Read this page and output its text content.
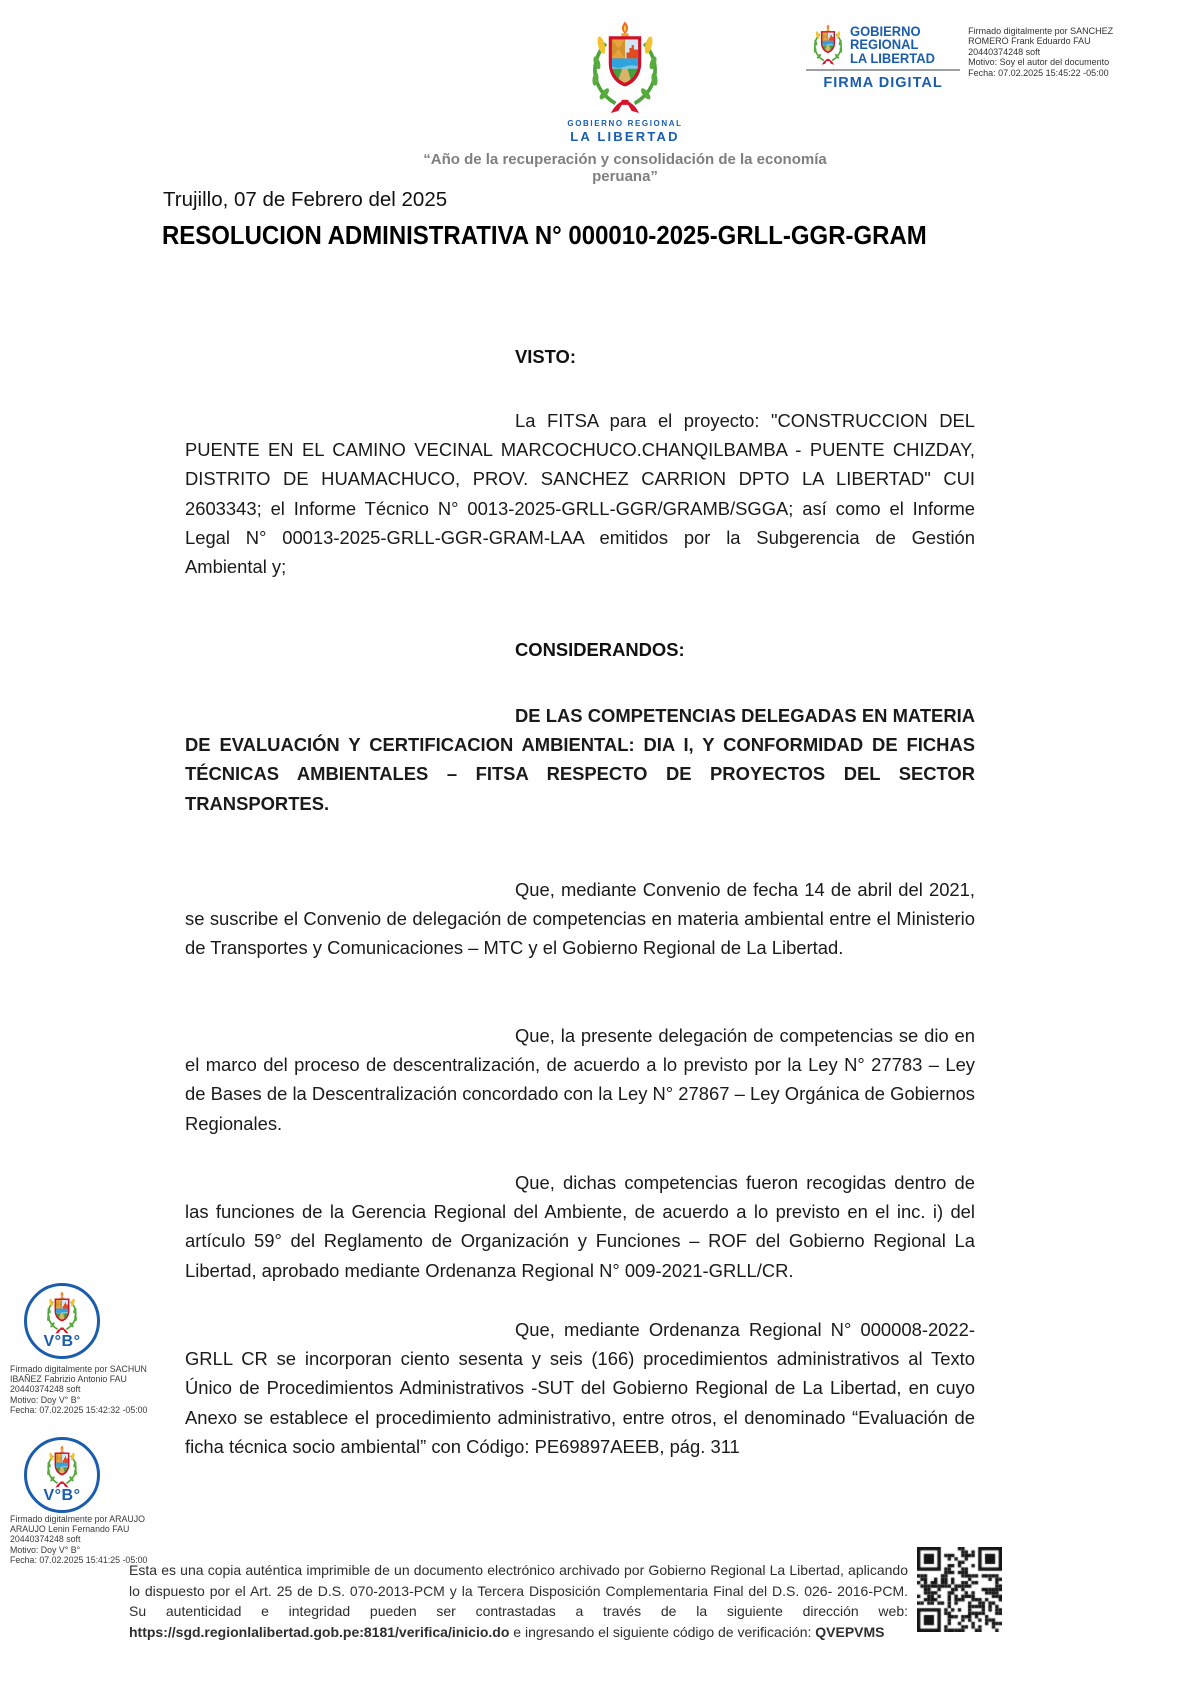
GOBIERNO REGIONAL
LA LIBERTAD
“Año de la recuperación y consolidación de la economía peruana”
GOBIERNO
REGIONAL
LA LIBERTAD
FIRMA DIGITAL
Firmado digitalmente por SANCHEZ
ROMERO Frank Eduardo FAU
20440374248 soft
Motivo: Soy el autor del documento
Fecha: 07.02.2025 15:45:22 -05:00
Trujillo, 07 de Febrero del 2025
RESOLUCION ADMINISTRATIVA N° 000010-2025-GRLL-GGR-GRAM
VISTO:
La FITSA para el proyecto: "CONSTRUCCION DEL PUENTE EN EL CAMINO VECINAL MARCOCHUCO.CHANQILBAMBA - PUENTE CHIZDAY, DISTRITO DE HUAMACHUCO, PROV. SANCHEZ CARRION DPTO LA LIBERTAD" CUI 2603343; el Informe Técnico N° 0013-2025-GRLL-GGR/GRAMB/SGGA; así como el Informe Legal N° 00013-2025-GRLL-GGR-GRAM-LAA emitidos por la Subgerencia de Gestión Ambiental y;
CONSIDERANDOS:
DE LAS COMPETENCIAS DELEGADAS EN MATERIA DE EVALUACIÓN Y CERTIFICACION AMBIENTAL: DIA I, Y CONFORMIDAD DE FICHAS TÉCNICAS AMBIENTALES – FITSA RESPECTO DE PROYECTOS DEL SECTOR TRANSPORTES.
Que, mediante Convenio de fecha 14 de abril del 2021, se suscribe el Convenio de delegación de competencias en materia ambiental entre el Ministerio de Transportes y Comunicaciones – MTC y el Gobierno Regional de La Libertad.
Que, la presente delegación de competencias se dio en el marco del proceso de descentralización, de acuerdo a lo previsto por la Ley N° 27783 – Ley de Bases de la Descentralización concordado con la Ley N° 27867 – Ley Orgánica de Gobiernos Regionales.
Que, dichas competencias fueron recogidas dentro de las funciones de la Gerencia Regional del Ambiente, de acuerdo a lo previsto en el inc. i) del artículo 59° del Reglamento de Organización y Funciones – ROF del Gobierno Regional La Libertad, aprobado mediante Ordenanza Regional N° 009-2021-GRLL/CR.
Que, mediante Ordenanza Regional N° 000008-2022-GRLL CR se incorporan ciento sesenta y seis (166) procedimientos administrativos al Texto Único de Procedimientos Administrativos -SUT del Gobierno Regional de La Libertad, en cuyo Anexo se establece el procedimiento administrativo, entre otros, el denominado “Evaluación de ficha técnica socio ambiental” con Código: PE69897AEEB, pág. 311
V°B°
Firmado digitalmente por SACHUN
IBAÑEZ Fabrizio Antonio FAU
20440374248 soft
Motivo: Doy V° B°
Fecha: 07.02.2025 15:42:32 -05:00
V°B°
Firmado digitalmente por ARAUJO
ARAUJO Lenin Fernando FAU
20440374248 soft
Motivo: Doy V° B°
Fecha: 07.02.2025 15:41:25 -05:00
Esta es una copia auténtica imprimible de un documento electrónico archivado por Gobierno Regional La Libertad, aplicando lo dispuesto por el Art. 25 de D.S. 070-2013-PCM y la Tercera Disposición Complementaria Final del D.S. 026- 2016-PCM. Su autenticidad e integridad pueden ser contrastadas a través de la siguiente dirección web: https://sgd.regionlalibertad.gob.pe:8181/verifica/inicio.do e ingresando el siguiente código de verificación: QVEPVMS
